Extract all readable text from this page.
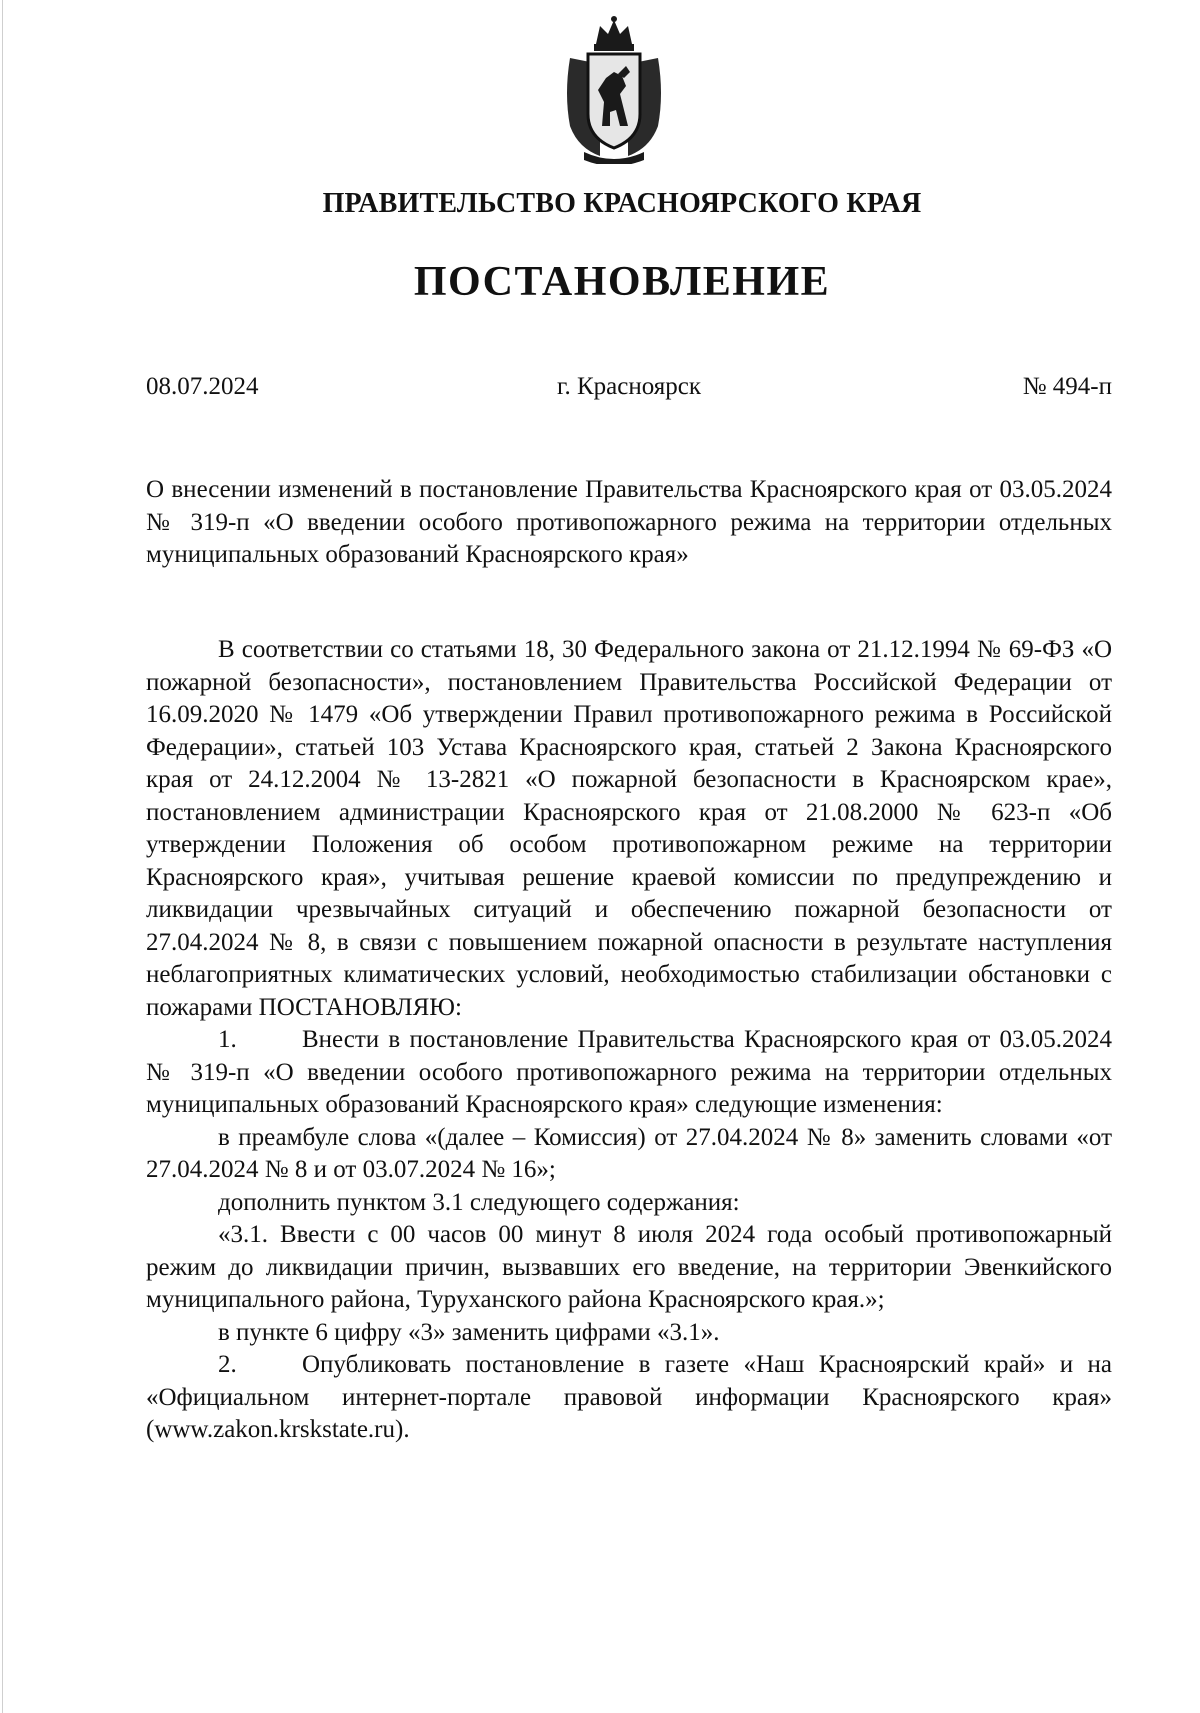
ПРАВИТЕЛЬСТВО КРАСНОЯРСКОГО КРАЯ
ПОСТАНОВЛЕНИЕ
08.07.2024	г. Красноярск	№ 494-п
О внесении изменений в постановление Правительства Красноярского края от 03.05.2024 № 319-п «О введении особого противопожарного режима на территории отдельных муниципальных образований Красноярского края»

В соответствии со статьями 18, 30 Федерального закона от 21.12.1994 № 69-ФЗ «О пожарной безопасности», постановлением Правительства Российской Федерации от 16.09.2020 № 1479 «Об утверждении Правил противопожарного режима в Российской Федерации», статьей 103 Устава Красноярского края, статьей 2 Закона Красноярского края от 24.12.2004 № 13-2821 «О пожарной безопасности в Красноярском крае», постановлением администрации Красноярского края от 21.08.2000 № 623-п «Об утверждении Положения об особом противопожарном режиме на территории Красноярского края», учитывая решение краевой комиссии по предупреждению и ликвидации чрезвычайных ситуаций и обеспечению пожарной безопасности от 27.04.2024 № 8, в связи с повышением пожарной опасности в результате наступления неблагоприятных климатических условий, необходимостью стабилизации обстановки с пожарами ПОСТАНОВЛЯЮ:

1.	Внести в постановление Правительства Красноярского края от 03.05.2024 № 319-п «О введении особого противопожарного режима на территории отдельных муниципальных образований Красноярского края» следующие изменения:

в преамбуле слова «(далее – Комиссия) от 27.04.2024 № 8» заменить словами «от 27.04.2024 № 8 и от 03.07.2024 № 16»;

дополнить пунктом 3.1 следующего содержания:

«3.1. Ввести с 00 часов 00 минут 8 июля 2024 года особый противопожарный режим до ликвидации причин, вызвавших его введение, на территории Эвенкийского муниципального района, Туруханского района Красноярского края.»;

в пункте 6 цифру «3» заменить цифрами «3.1».

2.	Опубликовать постановление в газете «Наш Красноярский край» и на «Официальном интернет-портале правовой информации Красноярского края» (www.zakon.krskstate.ru).
